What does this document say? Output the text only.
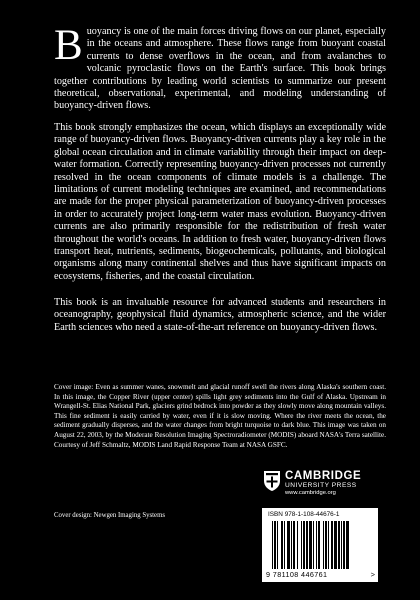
Buoyancy is one of the main forces driving flows on our planet, especially in the oceans and atmosphere. These flows range from buoyant coastal currents to dense overflows in the ocean, and from avalanches to volcanic pyroclastic flows on the Earth's surface. This book brings together contributions by leading world scientists to summarize our present theoretical, observational, experimental, and modeling understanding of buoyancy-driven flows.

This book strongly emphasizes the ocean, which displays an exceptionally wide range of buoyancy-driven flows. Buoyancy-driven currents play a key role in the global ocean circulation and in climate variability through their impact on deep-water formation. Correctly representing buoyancy-driven processes not currently resolved in the ocean components of climate models is a challenge. The limitations of current modeling techniques are examined, and recommendations are made for the proper physical parameterization of buoyancy-driven processes in order to accurately project long-term water mass evolution. Buoyancy-driven currents are also primarily responsible for the redistribution of fresh water throughout the world's oceans. In addition to fresh water, buoyancy-driven flows transport heat, nutrients, sediments, biogeochemicals, pollutants, and biological organisms along many continental shelves and thus have significant impacts on ecosystems, fisheries, and the coastal circulation.

This book is an invaluable resource for advanced students and researchers in oceanography, geophysical fluid dynamics, atmospheric science, and the wider Earth sciences who need a state-of-the-art reference on buoyancy-driven flows.

Cover image: Even as summer wanes, snowmelt and glacial runoff swell the rivers along Alaska's southern coast. In this image, the Copper River (upper center) spills light grey sediments into the Gulf of Alaska. Upstream in Wrangell-St. Elias National Park, glaciers grind bedrock into powder as they slowly move along mountain valleys. This fine sediment is easily carried by water, even if it is slow moving. Where the river meets the ocean, the sediment gradually disperses, and the water changes from bright turquoise to dark blue. This image was taken on August 22, 2003, by the Moderate Resolution Imaging Spectroradiometer (MODIS) aboard NASA's Terra satellite. Courtesy of Jeff Schmaltz, MODIS Land Rapid Response Team at NASA GSFC.

Cover design: Newgen Imaging Systems

CAMBRIDGE
UNIVERSITY PRESS
www.cambridge.org
ISBN 978-1-108-44676-1
9 781108 446761	>
